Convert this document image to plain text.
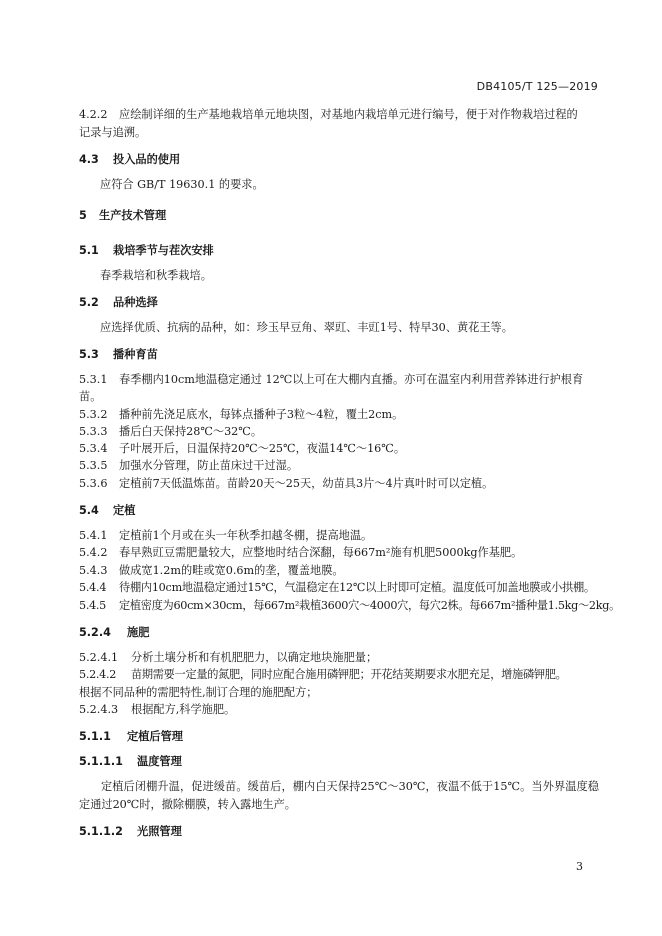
DB4105/T 125—2019
4.2.2 应绘制详细的生产基地栽培单元地块图，对基地内栽培单元进行编号，便于对作物栽培过程的
记录与追溯。
4.3 投入品的使用
应符合 GB/T 19630.1 的要求。
5 生产技术管理
5.1 栽培季节与茬次安排
春季栽培和秋季栽培。
5.2 品种选择
应选择优质、抗病的品种，如：珍玉早豆角、翠豇、丰豇1号、特早30、黄花王等。
5.3 播种育苗
5.3.1 春季棚内10cm地温稳定通过 12℃以上可在大棚内直播。亦可在温室内利用营养钵进行护根育
苗。
5.3.2 播种前先浇足底水，每钵点播种子3粒～4粒，覆土2cm。
5.3.3 播后白天保持28℃～32℃。
5.3.4 子叶展开后，日温保持20℃～25℃，夜温14℃～16℃。
5.3.5 加强水分管理，防止苗床过干过湿。
5.3.6 定植前7天低温炼苗。苗龄20天～25天，幼苗具3片～4片真叶时可以定植。
5.4 定植
5.4.1 定植前1个月或在头一年秋季扣越冬棚，提高地温。
5.4.2 春早熟豇豆需肥量较大，应整地时结合深翻，每667m²施有机肥5000kg作基肥。
5.4.3 做成宽1.2m的畦或宽0.6m的垄，覆盖地膜。
5.4.4 待棚内10cm地温稳定通过15℃，气温稳定在12℃以上时即可定植。温度低可加盖地膜或小拱棚。
5.4.5 定植密度为60cm×30cm，每667m²栽植3600穴～4000穴，每穴2株。每667m²播种量1.5kg～2kg。
5.2.4 施肥
5.2.4.1 分析土壤分析和有机肥肥力，以确定地块施肥量；
5.2.4.2 苗期需要一定量的氮肥，同时应配合施用磷钾肥；开花结荚期要求水肥充足，增施磷钾肥。
根据不同品种的需肥特性,制订合理的施肥配方；
5.2.4.3 根据配方,科学施肥。
5.1.1 定植后管理
5.1.1.1 温度管理
定植后闭棚升温，促进缓苗。缓苗后，棚内白天保持25℃～30℃，夜温不低于15℃。当外界温度稳定通过20℃时，撤除棚膜，转入露地生产。
5.1.1.2 光照管理
3
